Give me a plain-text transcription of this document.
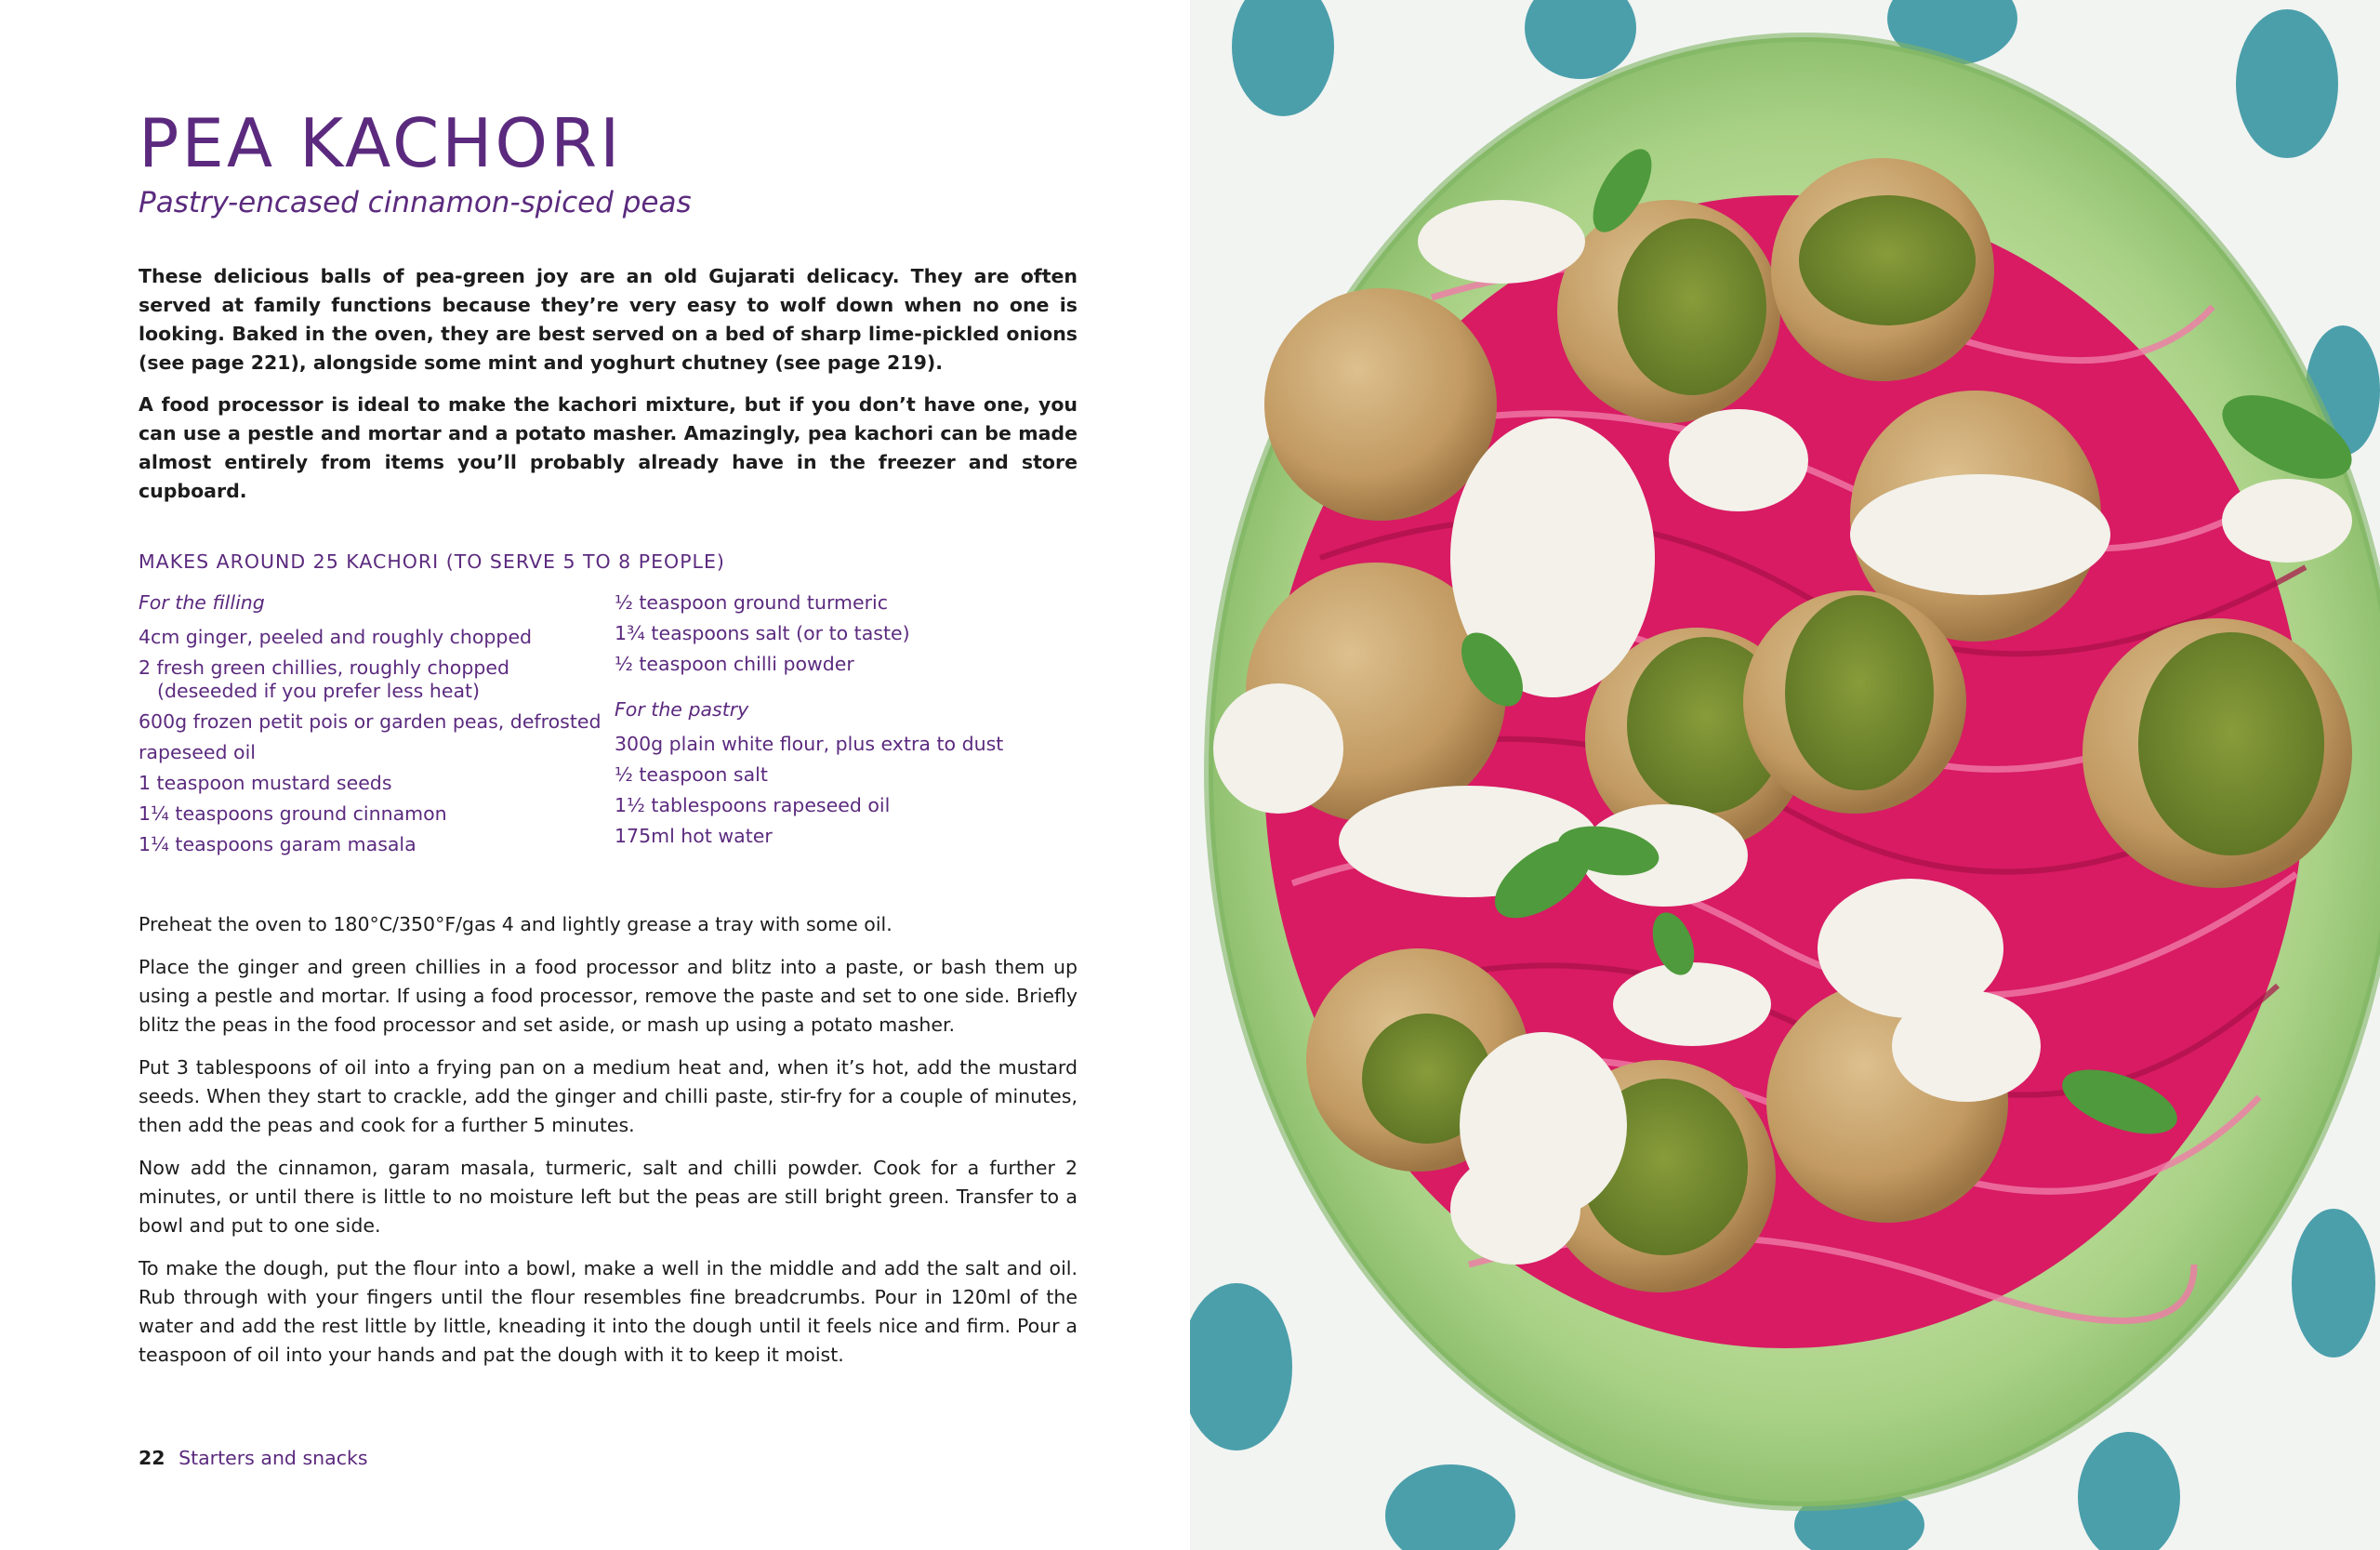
PEA KACHORI
Pastry-encased cinnamon-spiced peas

These delicious balls of pea-green joy are an old Gujarati delicacy. They are often served at family functions because they’re very easy to wolf down when no one is looking. Baked in the oven, they are best served on a bed of sharp lime-pickled onions (see page 221), alongside some mint and yoghurt chutney (see page 219).

A food processor is ideal to make the kachori mixture, but if you don’t have one, you can use a pestle and mortar and a potato masher. Amazingly, pea kachori can be made almost entirely from items you’ll probably already have in the freezer and store cupboard.

MAKES AROUND 25 KACHORI (TO SERVE 5 TO 8 PEOPLE)
For the filling
4cm ginger, peeled and roughly chopped
2 fresh green chillies, roughly chopped
(deseeded if you prefer less heat)
600g frozen petit pois or garden peas, defrosted
rapeseed oil
1 teaspoon mustard seeds
1¼ teaspoons ground cinnamon
1¼ teaspoons garam masala
½ teaspoon ground turmeric
1¾ teaspoons salt (or to taste)
½ teaspoon chilli powder
For the pastry
300g plain white flour, plus extra to dust
½ teaspoon salt
1½ tablespoons rapeseed oil
175ml hot water

Preheat the oven to 180°C/350°F/gas 4 and lightly grease a tray with some oil.

Place the ginger and green chillies in a food processor and blitz into a paste, or bash them up using a pestle and mortar. If using a food processor, remove the paste and set to one side. Briefly blitz the peas in the food processor and set aside, or mash up using a potato masher.

Put 3 tablespoons of oil into a frying pan on a medium heat and, when it’s hot, add the mustard seeds. When they start to crackle, add the ginger and chilli paste, stir-fry for a couple of minutes, then add the peas and cook for a further 5 minutes.

Now add the cinnamon, garam masala, turmeric, salt and chilli powder. Cook for a further 2 minutes, or until there is little to no moisture left but the peas are still bright green. Transfer to a bowl and put to one side.

To make the dough, put the flour into a bowl, make a well in the middle and add the salt and oil. Rub through with your fingers until the flour resembles fine breadcrumbs. Pour in 120ml of the water and add the rest little by little, kneading it into the dough until it feels nice and firm. Pour a teaspoon of oil into your hands and pat the dough with it to keep it moist.

22 Starters and snacks
